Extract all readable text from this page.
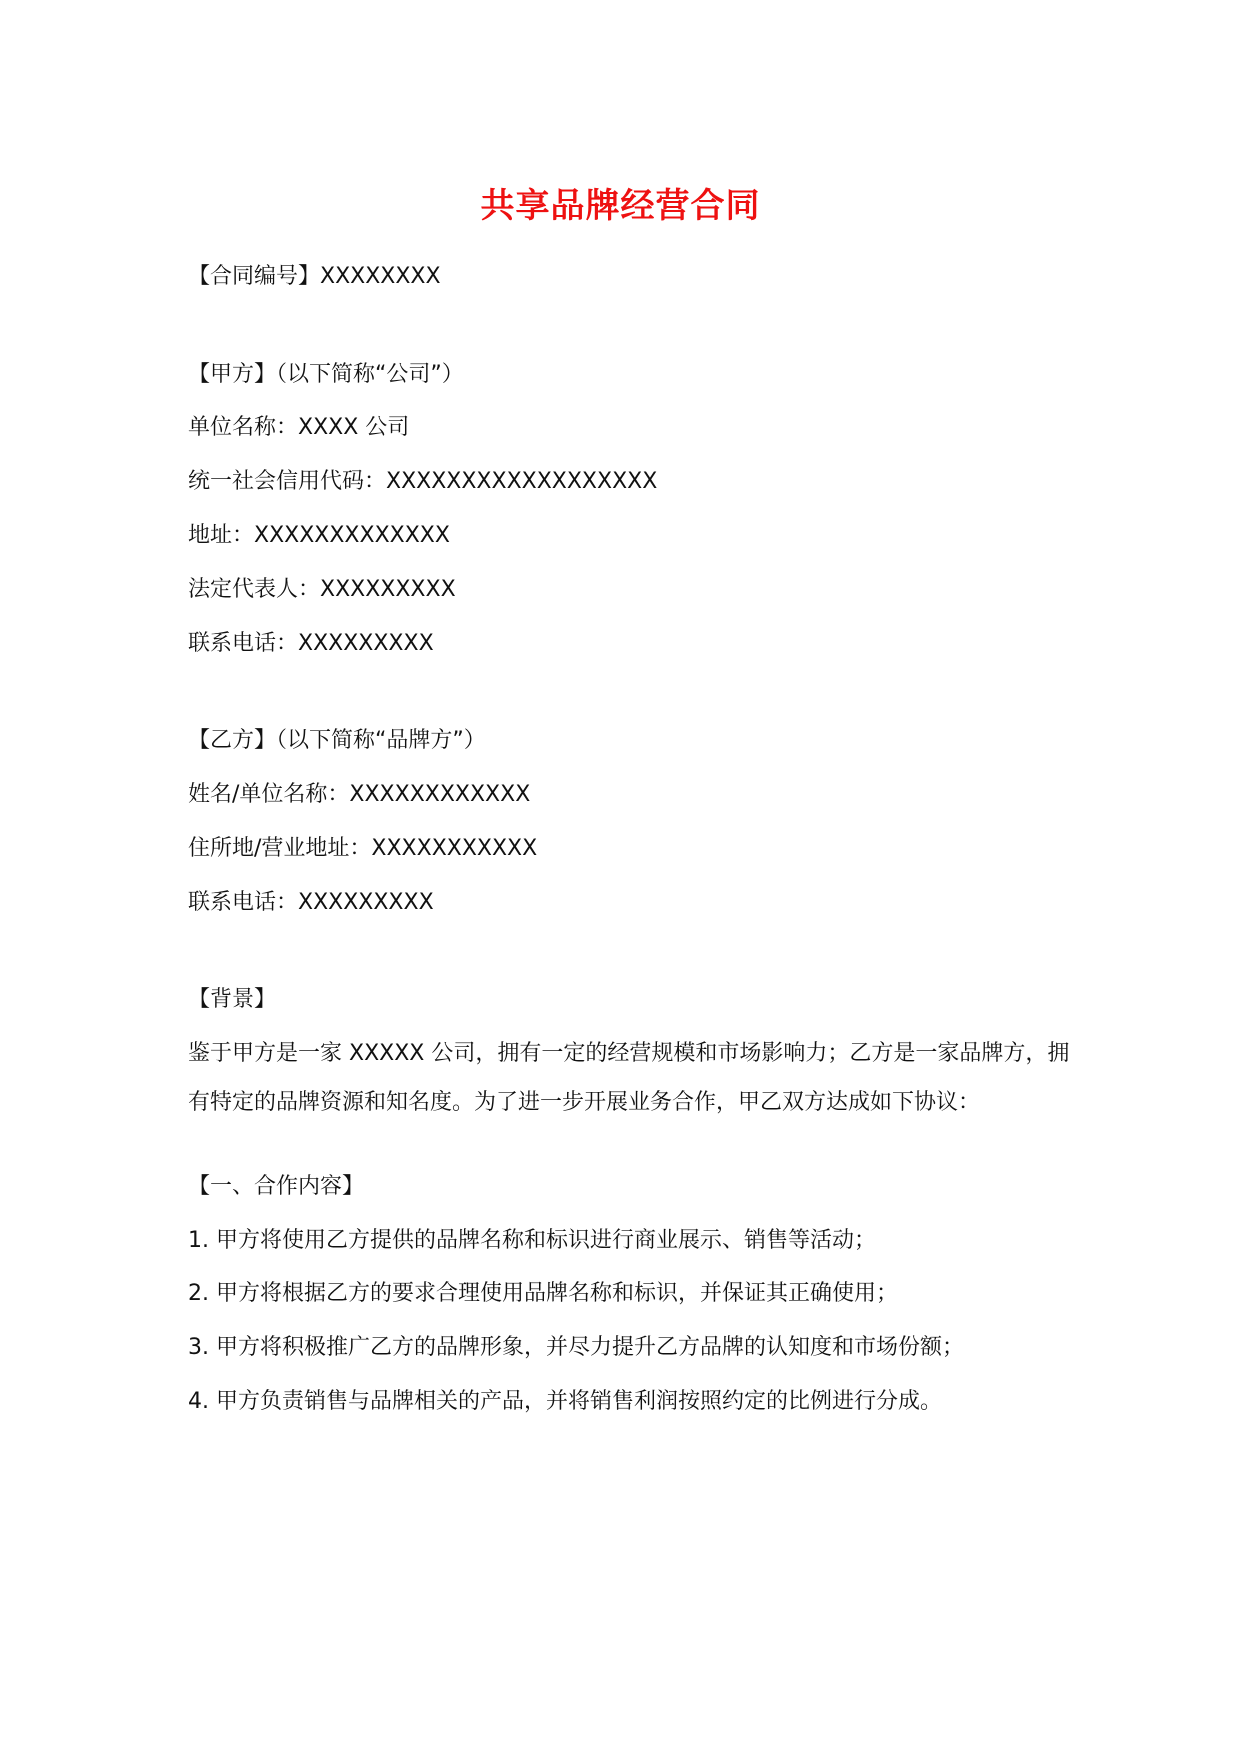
共享品牌经营合同
【合同编号】XXXXXXXX
【甲方】（以下简称“公司”）
单位名称：XXXX 公司
统一社会信用代码：XXXXXXXXXXXXXXXXXX
地址：XXXXXXXXXXXXX
法定代表人：XXXXXXXXX
联系电话：XXXXXXXXX
【乙方】（以下简称“品牌方”）
姓名/单位名称：XXXXXXXXXXXX
住所地/营业地址：XXXXXXXXXXX
联系电话：XXXXXXXXX
【背景】
鉴于甲方是一家 XXXXX 公司，拥有一定的经营规模和市场影响力；乙方是一家品牌方，拥有特定的品牌资源和知名度。为了进一步开展业务合作，甲乙双方达成如下协议：
【一、合作内容】
1. 甲方将使用乙方提供的品牌名称和标识进行商业展示、销售等活动；
2. 甲方将根据乙方的要求合理使用品牌名称和标识，并保证其正确使用；
3. 甲方将积极推广乙方的品牌形象，并尽力提升乙方品牌的认知度和市场份额；
4. 甲方负责销售与品牌相关的产品，并将销售利润按照约定的比例进行分成。
